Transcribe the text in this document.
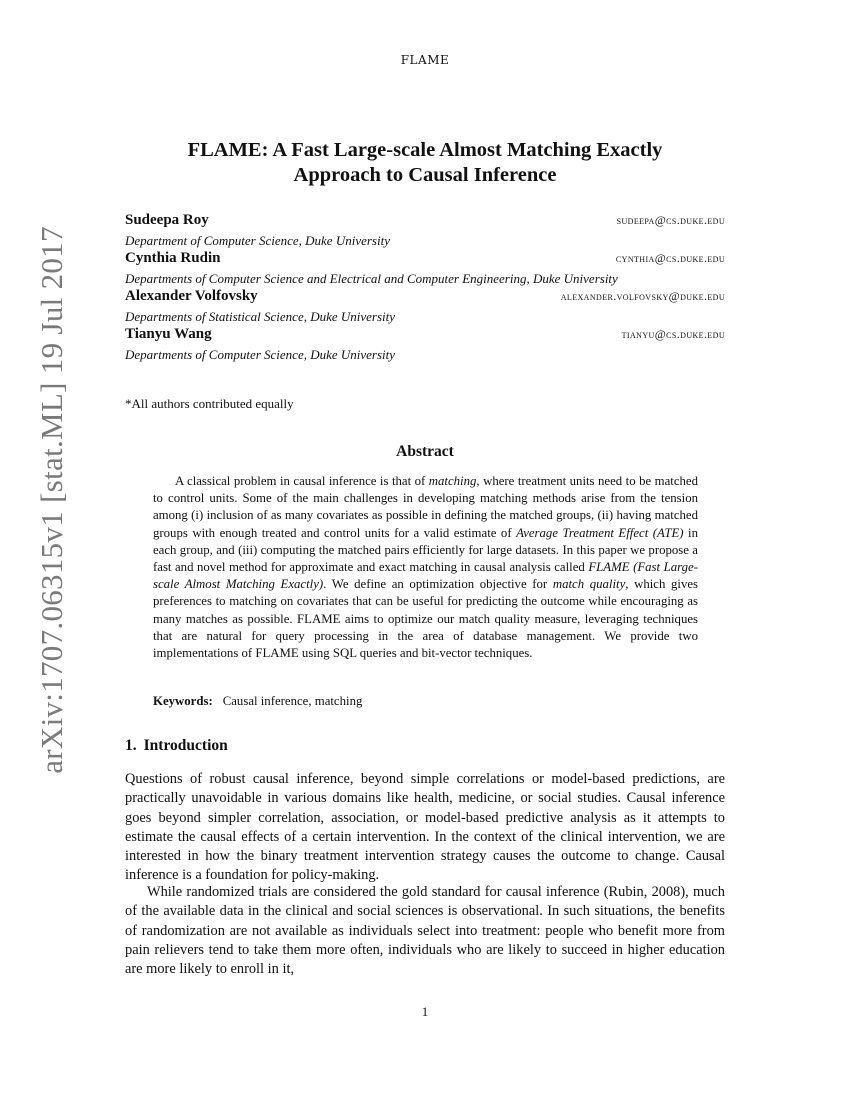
FLAME
arXiv:1707.06315v1 [stat.ML] 19 Jul 2017
FLAME: A Fast Large-scale Almost Matching Exactly
Approach to Causal Inference
Sudeepa Roy	sudeepa@cs.duke.edu
Department of Computer Science, Duke University
Cynthia Rudin	cynthia@cs.duke.edu
Departments of Computer Science and Electrical and Computer Engineering, Duke University
Alexander Volfovsky	alexander.volfovsky@duke.edu
Departments of Statistical Science, Duke University
Tianyu Wang	tianyu@cs.duke.edu
Departments of Computer Science, Duke University
*All authors contributed equally
Abstract
A classical problem in causal inference is that of matching, where treatment units need to be matched to control units. Some of the main challenges in developing matching methods arise from the tension among (i) inclusion of as many covariates as possible in defining the matched groups, (ii) having matched groups with enough treated and control units for a valid estimate of Average Treatment Effect (ATE) in each group, and (iii) computing the matched pairs efficiently for large datasets. In this paper we propose a fast and novel method for approximate and exact matching in causal analysis called FLAME (Fast Large-scale Almost Matching Exactly). We define an optimization objective for match quality, which gives preferences to matching on covariates that can be useful for predicting the outcome while encouraging as many matches as possible. FLAME aims to optimize our match quality measure, leveraging techniques that are natural for query processing in the area of database management. We provide two implementations of FLAME using SQL queries and bit-vector techniques.
Keywords: Causal inference, matching
1. Introduction
Questions of robust causal inference, beyond simple correlations or model-based predictions, are practically unavoidable in various domains like health, medicine, or social studies. Causal inference goes beyond simpler correlation, association, or model-based predictive analysis as it attempts to estimate the causal effects of a certain intervention. In the context of the clinical intervention, we are interested in how the binary treatment intervention strategy causes the outcome to change. Causal inference is a foundation for policy-making.
While randomized trials are considered the gold standard for causal inference (Rubin, 2008), much of the available data in the clinical and social sciences is observational. In such situations, the benefits of randomization are not available as individuals select into treatment: people who benefit more from pain relievers tend to take them more often, individuals who are likely to succeed in higher education are more likely to enroll in it,
1
